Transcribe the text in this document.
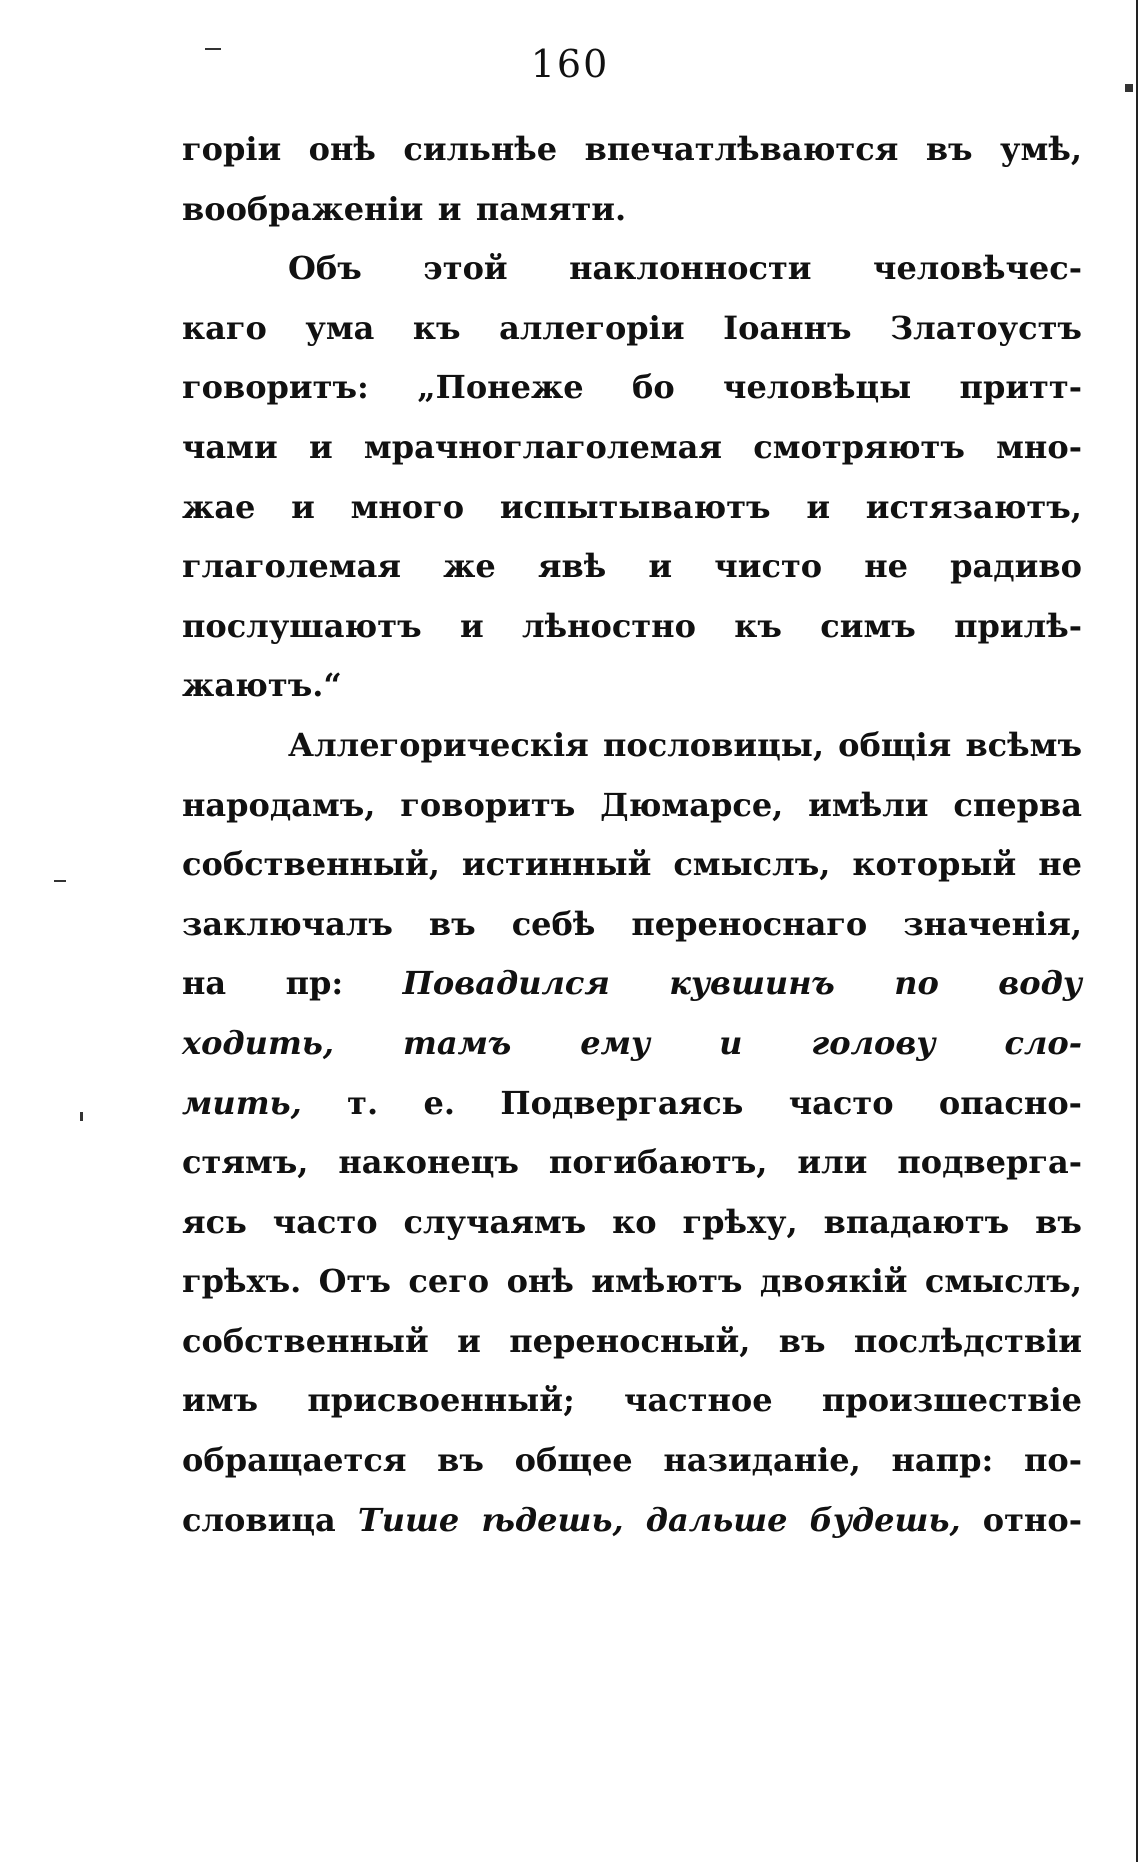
160
горіи онѣ сильнѣе впечатлѣваются въ умѣ,
воображеніи и памяти.
Объ этой наклонности человѣчес-
каго ума къ аллегоріи Іоаннъ Златоустъ
говоритъ: „Понеже бо человѣцы притт-
чами и мрачноглаголемая смотряютъ мно-
жае и много испытываютъ и истязаютъ,
глаголемая же явѣ и чисто не радиво
послушаютъ и лѣностно къ симъ прилѣ-
жаютъ.“
Аллегорическія пословицы, общія всѣмъ
народамъ, говоритъ Дюмарсе, имѣли сперва
собственный, истинный смыслъ, который не
заключалъ въ себѣ переноснаго значенія,
на пр: Повадился кувшинъ по воду
ходить, тамъ ему и голову сло-
мить, т. е. Подвергаясь часто опасно-
стямъ, наконецъ погибаютъ, или подверга-
ясь часто случаямъ ко грѣху, впадаютъ въ
грѣхъ. Отъ сего онѣ имѣютъ двоякій смыслъ,
собственный и переносный, въ послѣдствіи
имъ присвоенный; частное произшествіе
обращается въ общее назиданіе, напр: по-
словица Тише ѣдешь, дальше будешь, отно-
